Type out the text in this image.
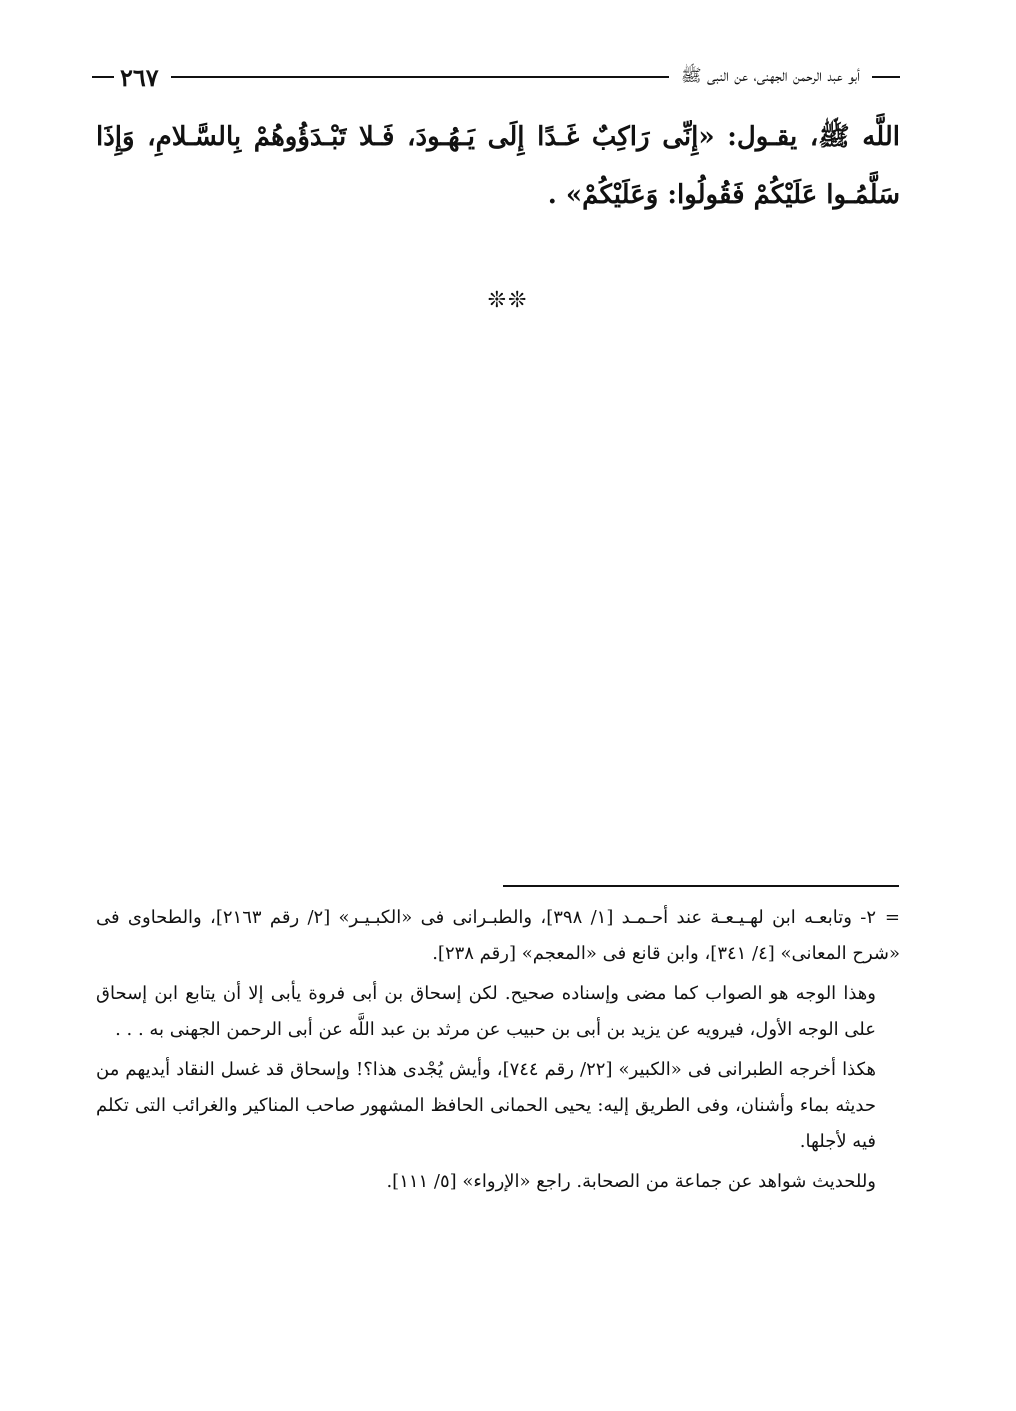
أبو عبد الرحمن الجهنى، عن النبى ﷺ
٢٦٧
اللَّه ﷺ، يقـول: «إِنِّى رَاكِبٌ غَـدًا إِلَى يَـهُـودَ، فَـلا تَبْـدَؤُوهُمْ بِالسَّـلامِ، وَإِذَا سَلَّمُـوا عَلَيْكُمْ فَقُولُوا: وَعَلَيْكُمْ» .
❊❊

=٢- وتابعـه ابن لهـيـعـة عند أحـمـد [١/ ٣٩٨]، والطبـرانى فى «الكبـيـر» [٢/ رقم ٢١٦٣]، والطحاوى فى «شرح المعانى» [٤/ ٣٤١]، وابن قانع فى «المعجم» [رقم ٢٣٨].

وهذا الوجه هو الصواب كما مضى وإسناده صحيح. لكن إسحاق بن أبى فروة يأبى إلا أن يتابع ابن إسحاق على الوجه الأول، فيرويه عن يزيد بن أبى بن حبيب عن مرثد بن عبد اللَّه عن أبى الرحمن الجهنى به . . .

هكذا أخرجه الطبرانى فى «الكبير» [٢٢/ رقم ٧٤٤]، وأيش يُجْدى هذا؟! وإسحاق قد غسل النقاد أيديهم من حديثه بماء وأشنان، وفى الطريق إليه: يحيى الحمانى الحافظ المشهور صاحب المناكير والغرائب التى تكلم فيه لأجلها.

وللحديث شواهد عن جماعة من الصحابة. راجع «الإرواء» [٥/ ١١١].
